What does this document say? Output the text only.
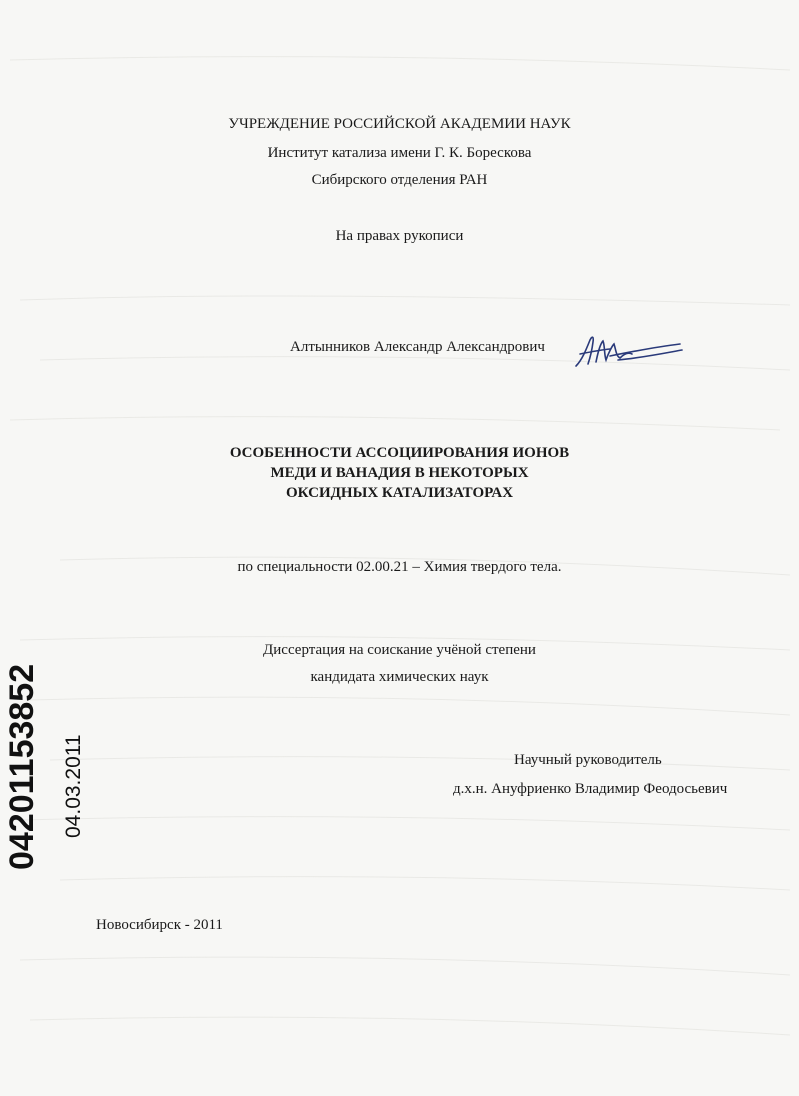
УЧРЕЖДЕНИЕ РОССИЙСКОЙ АКАДЕМИИ НАУК
Институт катализа имени Г. К. Борескова
Сибирского отделения РАН
На правах рукописи
Алтынников Александр Александрович
ОСОБЕННОСТИ АССОЦИИРОВАНИЯ ИОНОВ
МЕДИ И ВАНАДИЯ В НЕКОТОРЫХ
ОКСИДНЫХ КАТАЛИЗАТОРАХ
по специальности 02.00.21 – Химия твердого тела.
Диссертация на соискание учёной степени
кандидата химических наук
Научный руководитель
д.х.н. Ануфриенко Владимир Феодосьевич
Новосибирск - 2011
04201153852 04.03.2011
